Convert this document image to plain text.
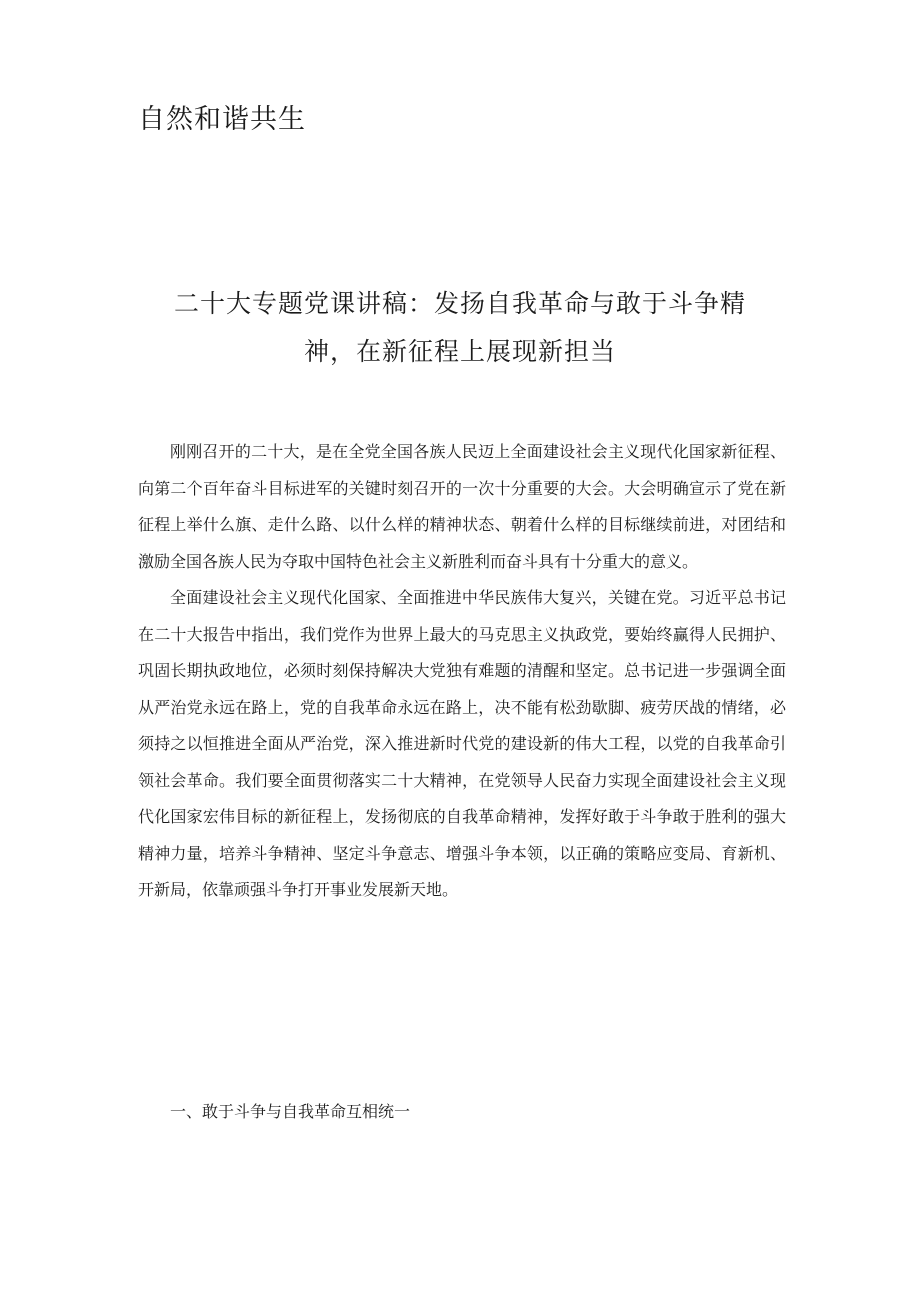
自然和谐共生
二十大专题党课讲稿：发扬自我革命与敢于斗争精
神，在新征程上展现新担当

刚刚召开的二十大，是在全党全国各族人民迈上全面建设社会主义现代化国家新征程、向第二个百年奋斗目标进军的关键时刻召开的一次十分重要的大会。大会明确宣示了党在新征程上举什么旗、走什么路、以什么样的精神状态、朝着什么样的目标继续前进，对团结和激励全国各族人民为夺取中国特色社会主义新胜利而奋斗具有十分重大的意义。

全面建设社会主义现代化国家、全面推进中华民族伟大复兴，关键在党。习近平总书记在二十大报告中指出，我们党作为世界上最大的马克思主义执政党，要始终赢得人民拥护、巩固长期执政地位，必须时刻保持解决大党独有难题的清醒和坚定。总书记进一步强调全面从严治党永远在路上，党的自我革命永远在路上，决不能有松劲歇脚、疲劳厌战的情绪，必须持之以恒推进全面从严治党，深入推进新时代党的建设新的伟大工程，以党的自我革命引领社会革命。我们要全面贯彻落实二十大精神，在党领导人民奋力实现全面建设社会主义现代化国家宏伟目标的新征程上，发扬彻底的自我革命精神，发挥好敢于斗争敢于胜利的强大精神力量，培养斗争精神、坚定斗争意志、增强斗争本领，以正确的策略应变局、育新机、开新局，依靠顽强斗争打开事业发展新天地。

一、敢于斗争与自我革命互相统一
